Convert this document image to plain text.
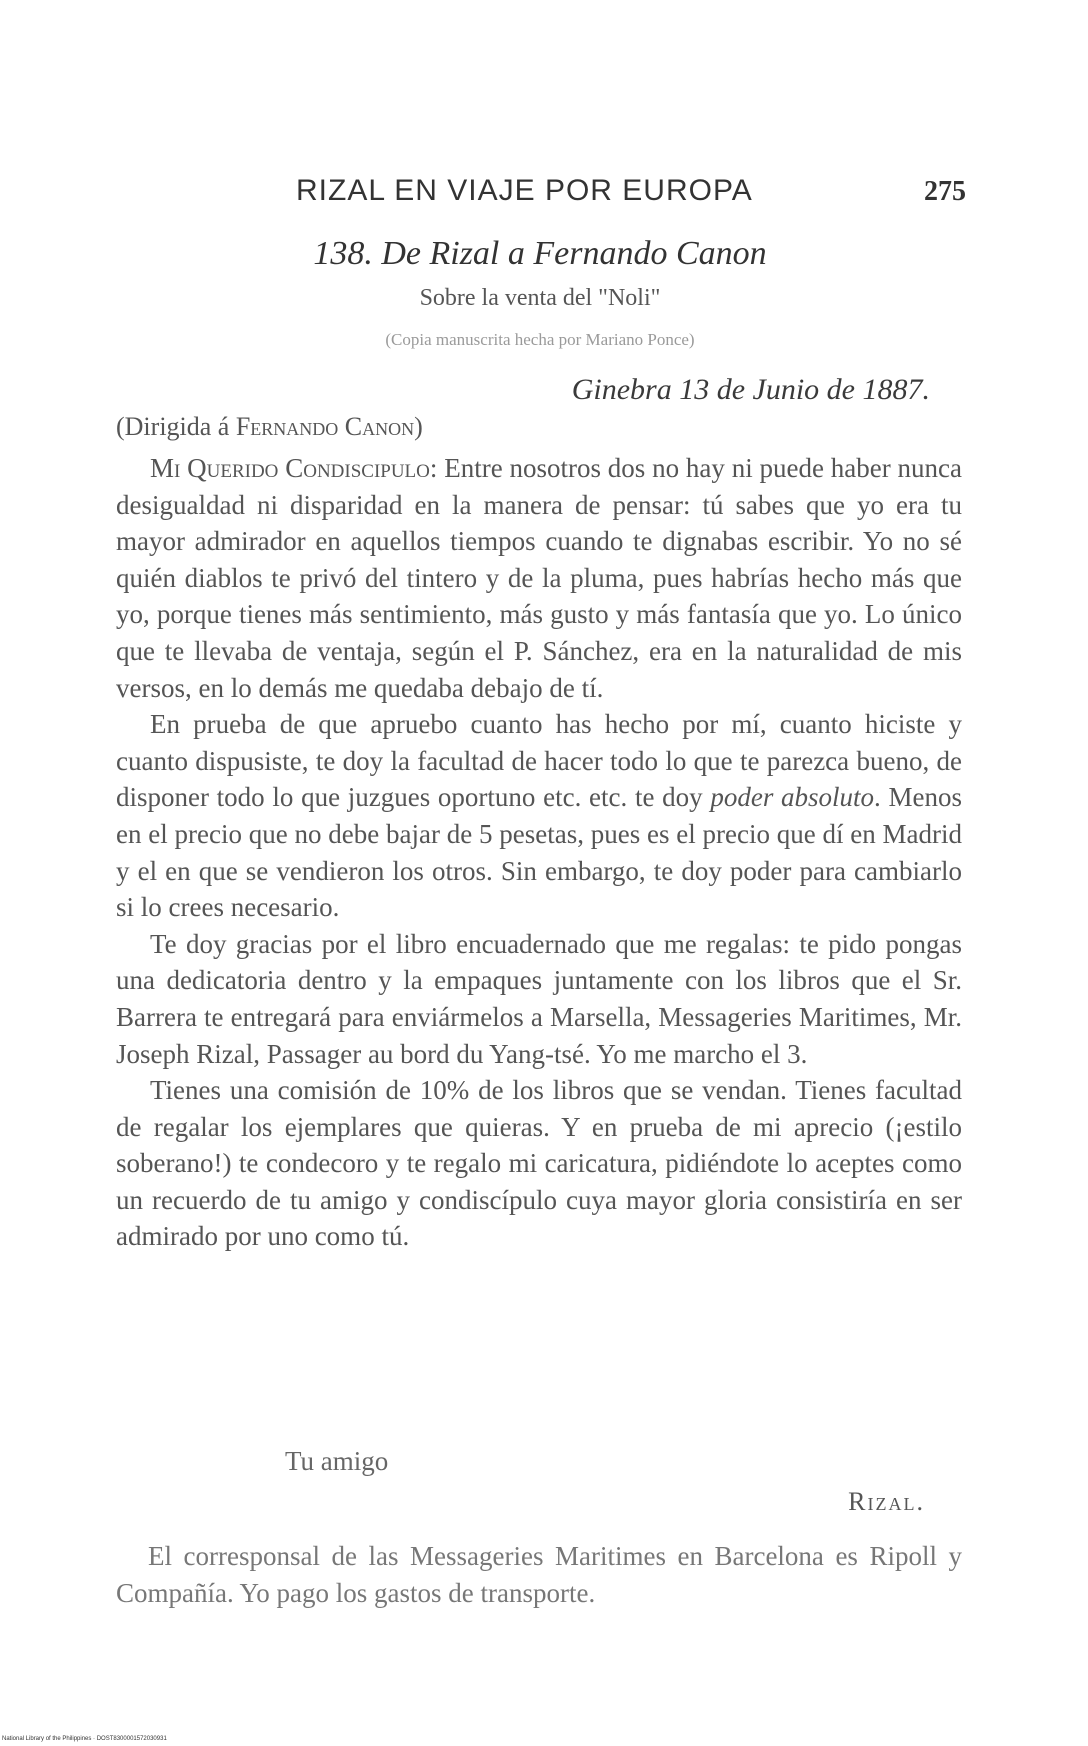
RIZAL EN VIAJE POR EUROPA	275
138. De Rizal a Fernando Canon
Sobre la venta del "Noli"
(Copia manuscrita hecha por Mariano Ponce)
Ginebra 13 de Junio de 1887.
(Dirigida á Fernando Canon)

Mi Querido Condiscipulo: Entre nosotros dos no hay ni puede haber nunca desigualdad ni disparidad en la manera de pensar: tú sabes que yo era tu mayor admirador en aquellos tiempos cuando te dignabas escribir. Yo no sé quién diablos te privó del tintero y de la pluma, pues habrías hecho más que yo, porque tienes más sentimiento, más gusto y más fantasía que yo. Lo único que te llevaba de ventaja, según el P. Sánchez, era en la naturalidad de mis versos, en lo demás me quedaba debajo de tí.

En prueba de que apruebo cuanto has hecho por mí, cuanto hiciste y cuanto dispusiste, te doy la facultad de hacer todo lo que te parezca bueno, de disponer todo lo que juzgues oportuno etc. etc. te doy poder absoluto. Menos en el precio que no debe bajar de 5 pesetas, pues es el precio que dí en Madrid y el en que se vendieron los otros. Sin embargo, te doy poder para cambiarlo si lo crees necesario.

Te doy gracias por el libro encuadernado que me regalas: te pido pongas una dedicatoria dentro y la empaques juntamente con los libros que el Sr. Barrera te entregará para enviármelos a Marsella, Messageries Maritimes, Mr. Joseph Rizal, Passager au bord du Yang-tsé. Yo me marcho el 3.

Tienes una comisión de 10% de los libros que se vendan. Tienes facultad de regalar los ejemplares que quieras. Y en prueba de mi aprecio (¡estilo soberano!) te condecoro y te regalo mi caricatura, pidiéndote lo aceptes como un recuerdo de tu amigo y condiscípulo cuya mayor gloria consistiría en ser admirado por uno como tú.

Tu amigo
Rizal.

El corresponsal de las Messageries Maritimes en Barcelona es Ripoll y Compañía. Yo pago los gastos de transporte.

National Library of the Philippines · DOST8300001572030931
